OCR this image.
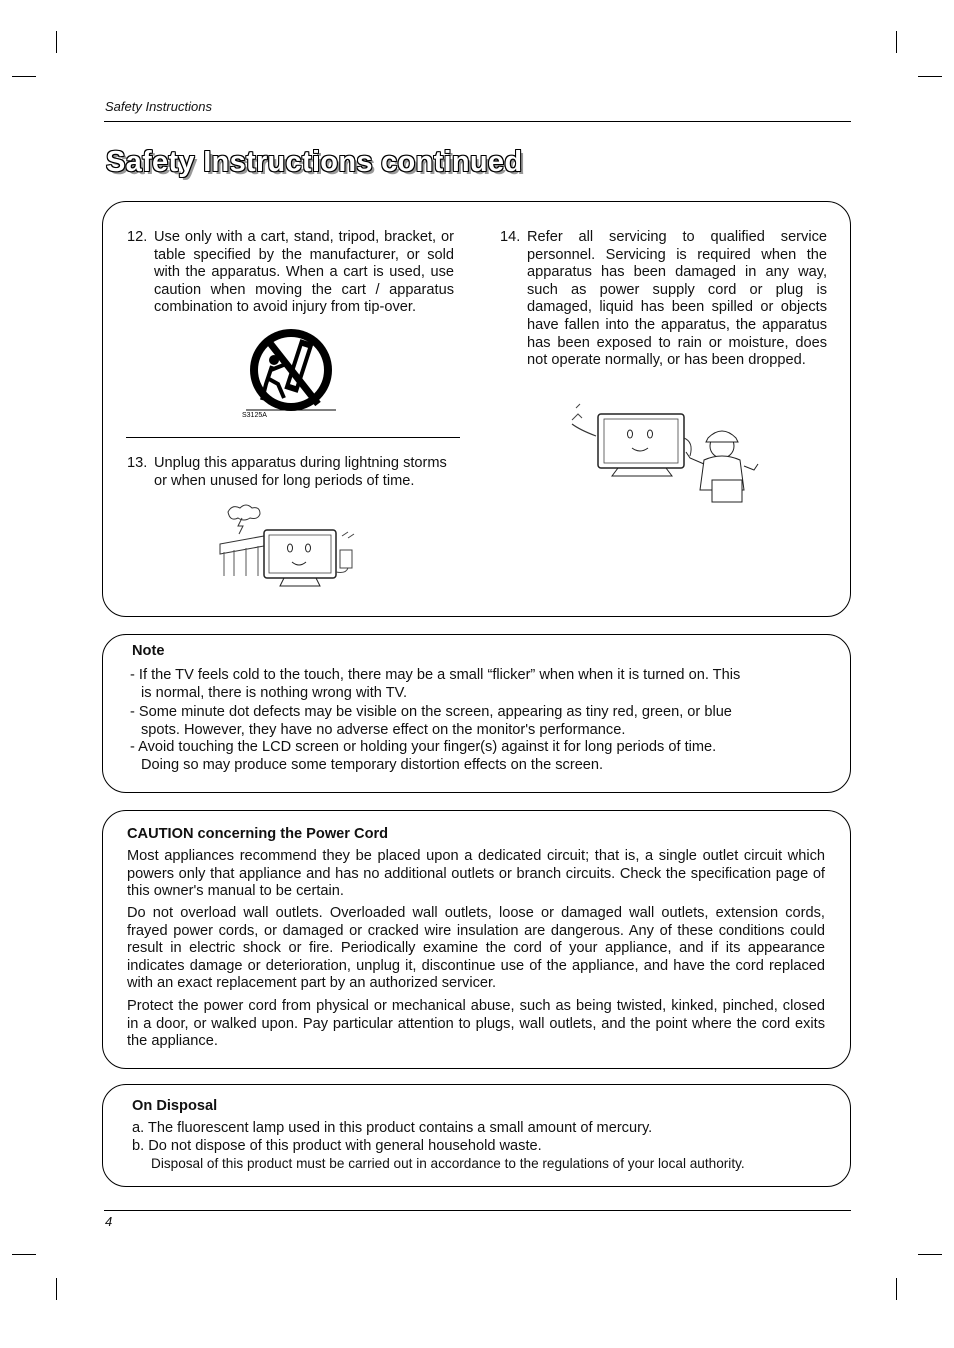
Safety Instructions
Safety Instructions continued
12. Use only with a cart, stand, tripod, bracket, or table specified by the manufacturer, or sold with the apparatus. When a cart is used, use caution when moving the cart / apparatus combination to avoid injury from tip-over.
S3125A
13. Unplug this apparatus during lightning storms or when unused for long periods of time.
14. Refer all servicing to qualified service personnel. Servicing is required when the apparatus has been damaged in any way, such as power supply cord or plug is damaged, liquid has been spilled or objects have fallen into the apparatus, the apparatus has been exposed to rain or moisture, does not operate normally, or has been dropped.
Note
- If the TV feels cold to the touch, there may be a small “flicker” when when it is turned on. This
is normal, there is nothing wrong with TV.
- Some minute dot defects may be visible on the screen, appearing as tiny red, green, or blue
spots. However, they have no adverse effect on the monitor's performance.
- Avoid touching the LCD screen or holding your finger(s) against it for long periods of time.
Doing so may produce some temporary distortion effects on the screen.
CAUTION concerning the Power Cord
Most appliances recommend they be placed upon a dedicated circuit; that is, a single outlet circuit which powers only that appliance and has no additional outlets or branch circuits. Check the specification page of this owner's manual to be certain.
Do not overload wall outlets. Overloaded wall outlets, loose or damaged wall outlets, extension cords, frayed power cords, or damaged or cracked wire insulation are dangerous. Any of these conditions could result in electric shock or fire. Periodically examine the cord of your appliance, and if its appearance indicates damage or deterioration, unplug it, discontinue use of the appliance, and have the cord replaced with an exact replacement part by an authorized servicer.
Protect the power cord from physical or mechanical abuse, such as being twisted, kinked, pinched, closed in a door, or walked upon. Pay particular attention to plugs, wall outlets, and the point where the cord exits the appliance.
On Disposal
a. The fluorescent lamp used in this product contains a small amount of mercury.
b. Do not dispose of this product with general household waste.
Disposal of this product must be carried out in accordance to the regulations of your local authority.
4
